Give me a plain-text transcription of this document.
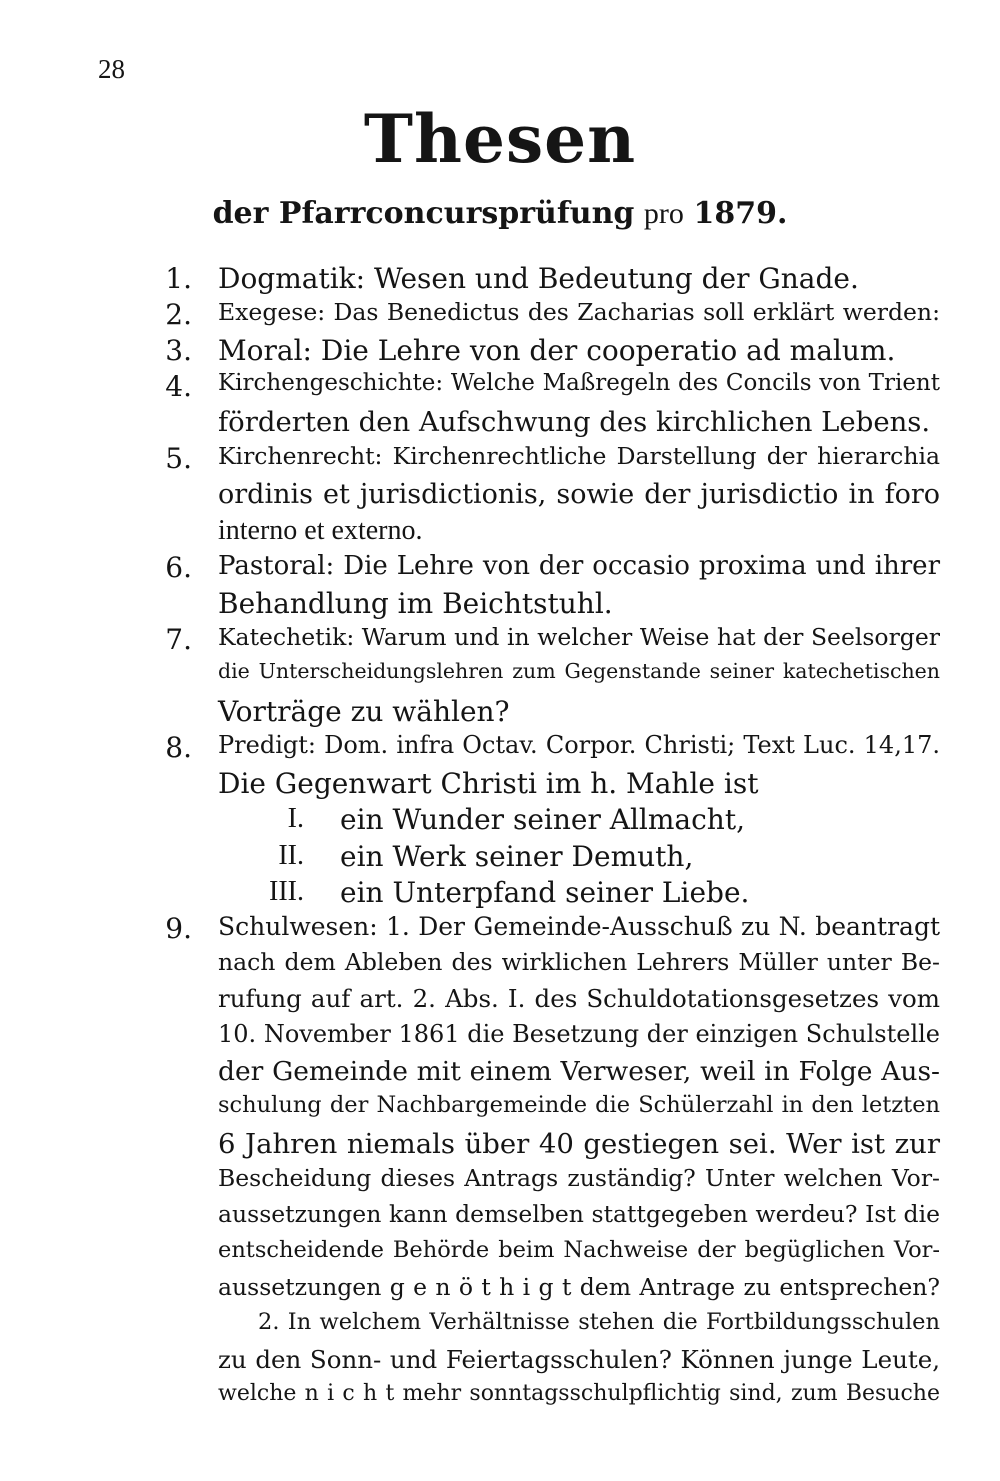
28
Thesen
der Pfarrconcursprüfung pro 1879.
1. Dogmatik: Wesen und Bedeutung der Gnade.
2. Exegese: Das Benedictus des Zacharias soll erklärt werden:
3. Moral: Die Lehre von der cooperatio ad malum.
4. Kirchengeschichte: Welche Maßregeln des Concils von Trient
förderten den Aufschwung des kirchlichen Lebens.
5. Kirchenrecht: Kirchenrechtliche Darstellung der hierarchia
ordinis et jurisdictionis, sowie der jurisdictio in foro
interno et externo.
6. Pastoral: Die Lehre von der occasio proxima und ihrer
Behandlung im Beichtstuhl.
7. Katechetik: Warum und in welcher Weise hat der Seelsorger
die Unterscheidungslehren zum Gegenstande seiner katechetischen
Vorträge zu wählen?
8. Predigt: Dom. infra Octav. Corpor. Christi; Text Luc. 14,17.
Die Gegenwart Christi im h. Mahle ist
I. ein Wunder seiner Allmacht,
II. ein Werk seiner Demuth,
III. ein Unterpfand seiner Liebe.
9. Schulwesen: 1. Der Gemeinde-Ausschuß zu N. beantragt
nach dem Ableben des wirklichen Lehrers Müller unter Be-
rufung auf art. 2. Abs. I. des Schuldotationsgesetzes vom
10. November 1861 die Besetzung der einzigen Schulstelle
der Gemeinde mit einem Verweser, weil in Folge Aus-
schulung der Nachbargemeinde die Schülerzahl in den letzten
6 Jahren niemals über 40 gestiegen sei. Wer ist zur
Bescheidung dieses Antrags zuständig? Unter welchen Vor-
aussetzungen kann demselben stattgegeben werdeu? Ist die
entscheidende Behörde beim Nachweise der begüglichen Vor-
aussetzungen g e n ö t h i g t dem Antrage zu entsprechen?
2. In welchem Verhältnisse stehen die Fortbildungsschulen
zu den Sonn- und Feiertagsschulen? Können junge Leute,
welche n i c h t mehr sonntagsschulpflichtig sind, zum Besuche
